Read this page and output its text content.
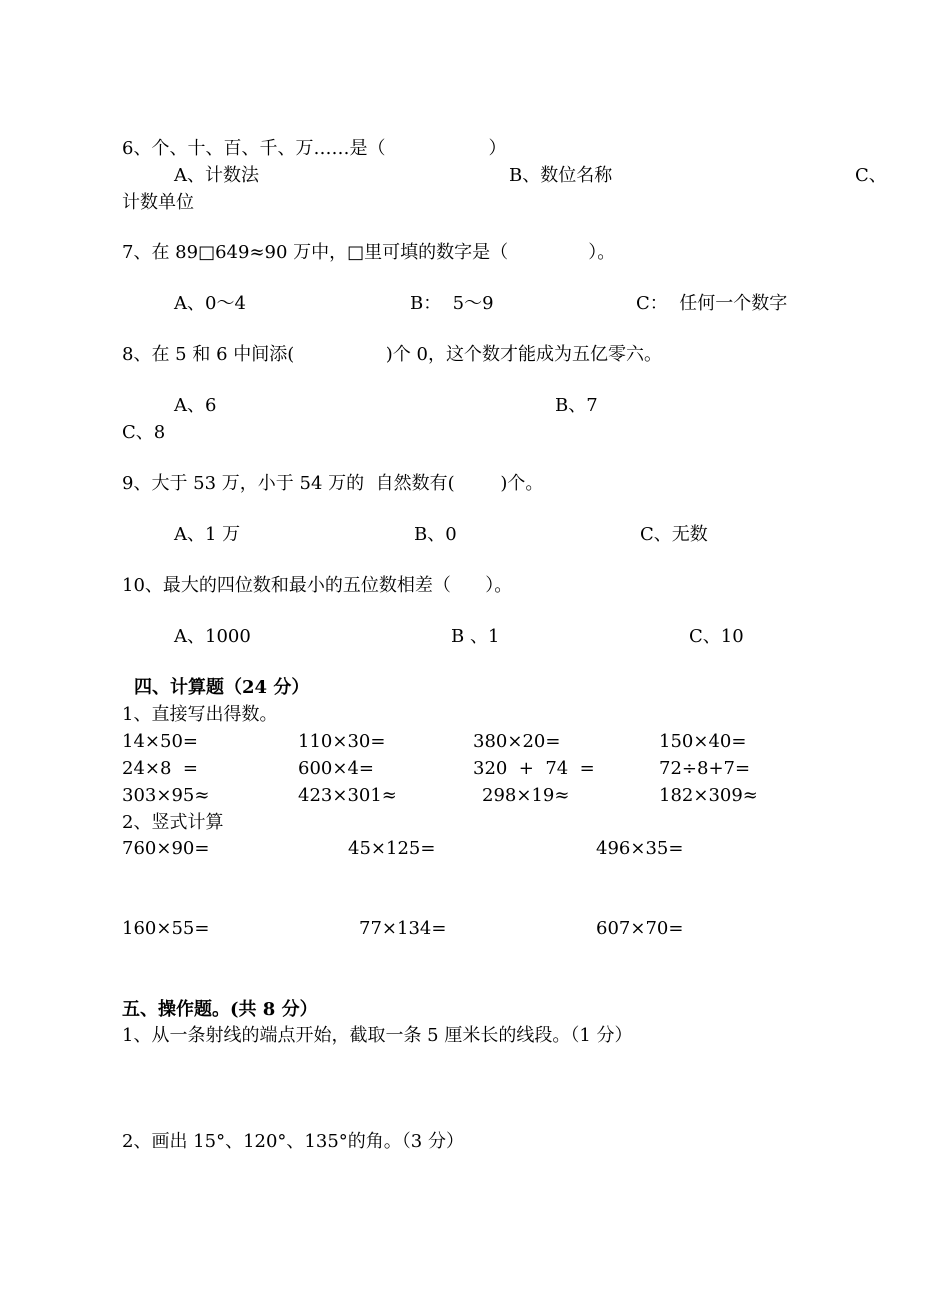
6、个、十、百、千、万……是（                  ）
A、计数法	B、数位名称	C、
计数单位
7、在 89□649≈90 万中，□里可填的数字是（              ）。
A、0～4	B：  5～9	C：  任何一个数字
8、在 5 和 6 中间添(                )个 0，这个数才能成为五亿零六。
A、6	B、7
C、8
9、大于 53 万，小于 54 万的  自然数有(        )个。
A、1 万	B、0	C、无数
10、最大的四位数和最小的五位数相差（      ）。
A、1000	B 、1	C、10
四、计算题（24 分）
1、直接写出得数。
14×50=	110×30=	380×20=	150×40=
24×8  =	600×4=	320  +  74  =	72÷8+7=
303×95≈	423×301≈	298×19≈	182×309≈
2、竖式计算
760×90=	45×125=	496×35=
160×55=	77×134=	607×70=
五、操作题。(共 8 分）
1、从一条射线的端点开始，截取一条 5 厘米长的线段。（1 分）
2、画出 15°、120°、135°的角。（3 分）
